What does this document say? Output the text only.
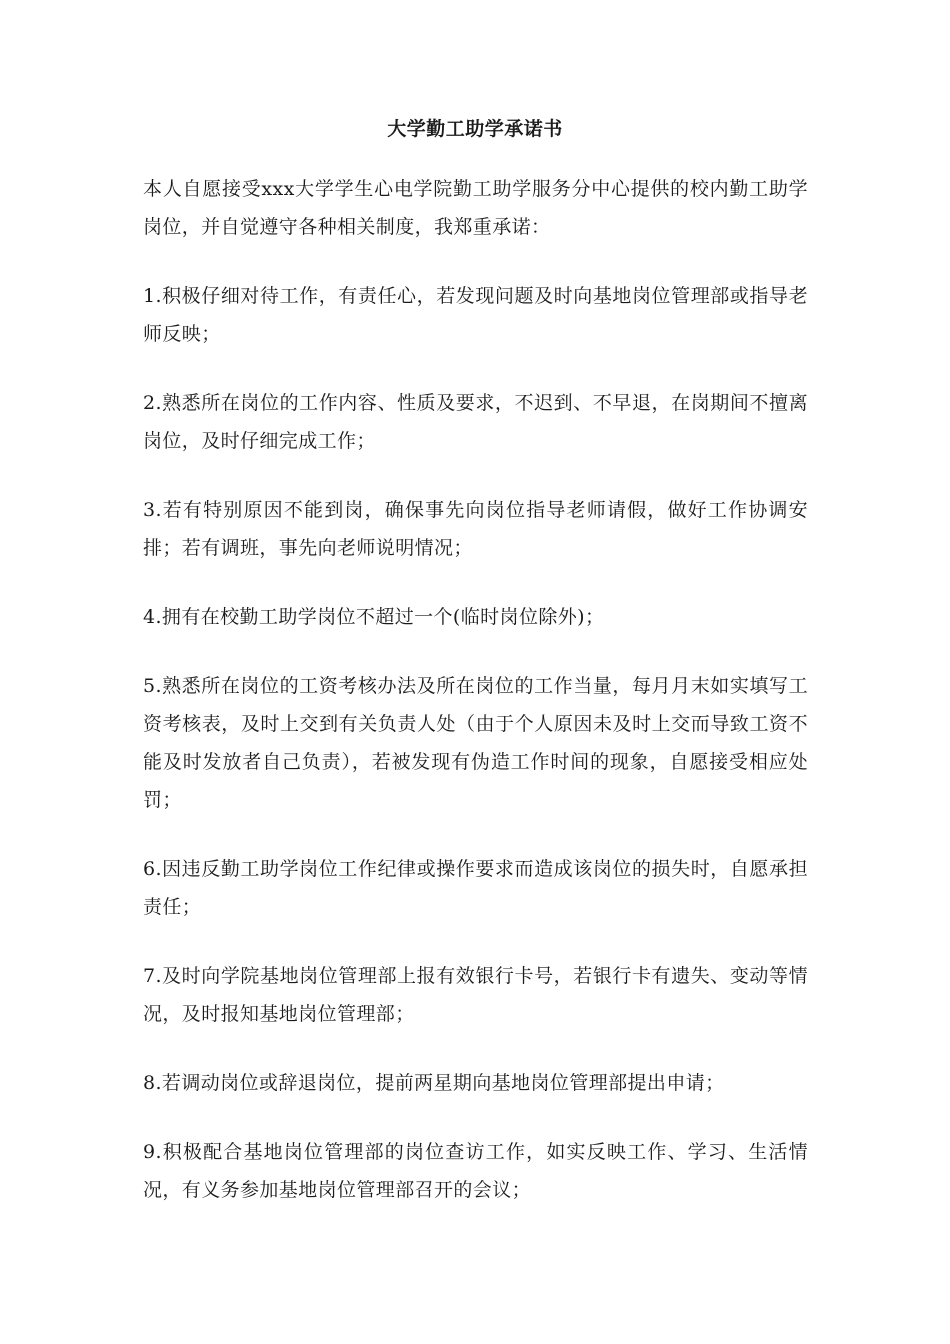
大学勤工助学承诺书

本人自愿接受xxx大学学生心电学院勤工助学服务分中心提供的校内勤工助学岗位，并自觉遵守各种相关制度，我郑重承诺：

1.积极仔细对待工作，有责任心，若发现问题及时向基地岗位管理部或指导老师反映；

2.熟悉所在岗位的工作内容、性质及要求，不迟到、不早退，在岗期间不擅离岗位，及时仔细完成工作；

3.若有特别原因不能到岗，确保事先向岗位指导老师请假，做好工作协调安排；若有调班，事先向老师说明情况；

4.拥有在校勤工助学岗位不超过一个(临时岗位除外)；

5.熟悉所在岗位的工资考核办法及所在岗位的工作当量，每月月末如实填写工资考核表，及时上交到有关负责人处（由于个人原因未及时上交而导致工资不能及时发放者自己负责），若被发现有伪造工作时间的现象，自愿接受相应处罚；

6.因违反勤工助学岗位工作纪律或操作要求而造成该岗位的损失时，自愿承担责任；

7.及时向学院基地岗位管理部上报有效银行卡号，若银行卡有遗失、变动等情况，及时报知基地岗位管理部；

8.若调动岗位或辞退岗位，提前两星期向基地岗位管理部提出申请；

9.积极配合基地岗位管理部的岗位查访工作，如实反映工作、学习、生活情况，有义务参加基地岗位管理部召开的会议；
